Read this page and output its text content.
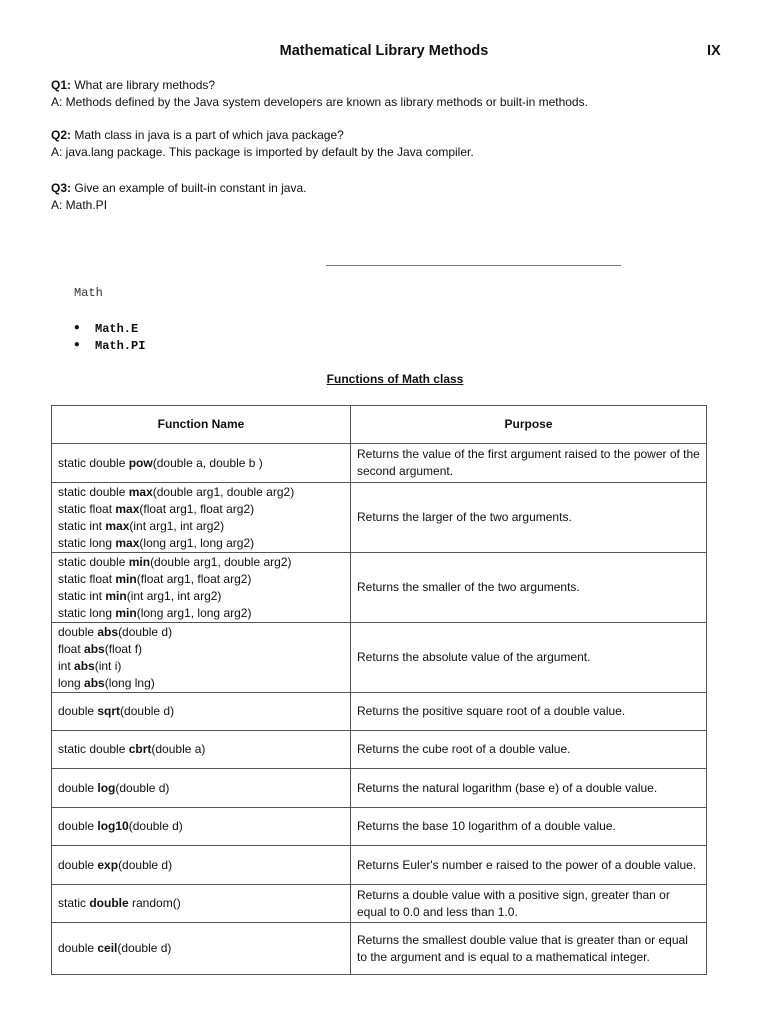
Mathematical Library Methods	IX
Q1: What are library methods?
A: Methods defined by the Java system developers are known as library methods or built-in methods.
Q2: Math class in java is a part of which java package?
A: java.lang package. This package is imported by default by the Java compiler.
Q3: Give an example of built-in constant in java.
A: Math.PI
Math
• Math.E
• Math.PI
Functions of Math class
Function Name	Purpose

static double pow(double a, double b )	Returns the value of the first argument raised to the power of the second argument.

static double max(double arg1, double arg2)
static float max(float arg1, float arg2)
static int max(int arg1, int arg2)
static long max(long arg1, long arg2)	Returns the larger of the two arguments.

static double min(double arg1, double arg2)
static float min(float arg1, float arg2)
static int min(int arg1, int arg2)
static long min(long arg1, long arg2)	Returns the smaller of the two arguments.

double abs(double d)
float abs(float f)
int abs(int i)
long abs(long lng)	Returns the absolute value of the argument.

double sqrt(double d)	Returns the positive square root of a double value.

static double cbrt(double a)	Returns the cube root of a double value.

double log(double d)	Returns the natural logarithm (base e) of a double value.

double log10(double d)	Returns the base 10 logarithm of a double value.

double exp(double d)	Returns Euler's number e raised to the power of a double value.

static double random()	Returns a double value with a positive sign, greater than or equal to 0.0 and less than 1.0.

double ceil(double d)	Returns the smallest double value that is greater than or equal to the argument and is equal to a mathematical integer.
